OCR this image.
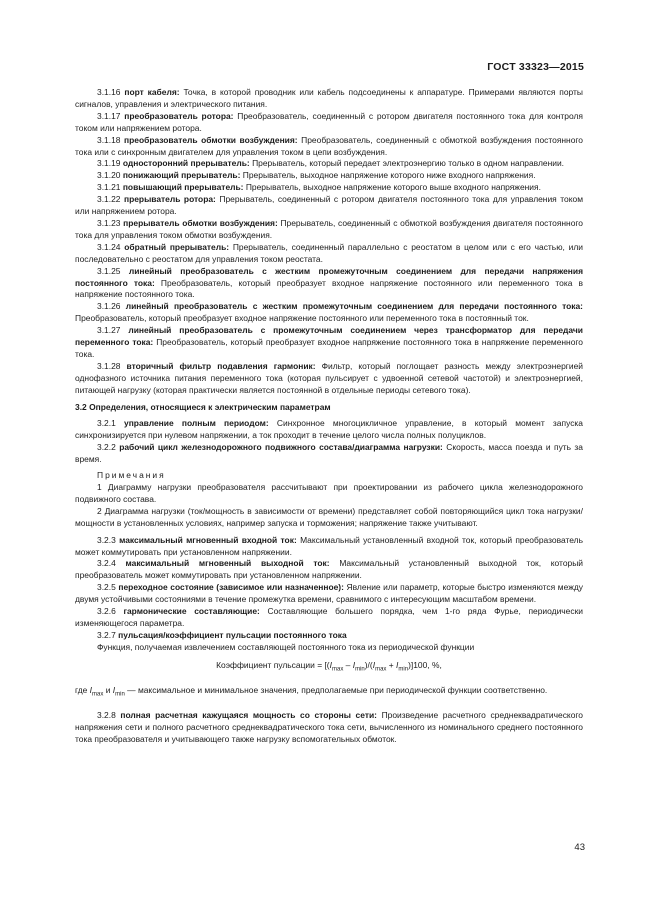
ГОСТ 33323—2015

3.1.16 порт кабеля: Точка, в которой проводник или кабель подсоединены к аппаратуре. Примерами являются порты сигналов, управления и электрического питания.

3.1.17 преобразователь ротора: Преобразователь, соединенный с ротором двигателя постоянного тока для контроля током или напряжением ротора.

3.1.18 преобразователь обмотки возбуждения: Преобразователь, соединенный с обмоткой возбуждения постоянного тока или с синхронным двигателем для управления током в цепи возбуждения.

3.1.19 односторонний прерыватель: Прерыватель, который передает электроэнергию только в одном направлении.

3.1.20 понижающий прерыватель: Прерыватель, выходное напряжение которого ниже входного напряжения.

3.1.21 повышающий прерыватель: Прерыватель, выходное напряжение которого выше входного напряжения.

3.1.22 прерыватель ротора: Прерыватель, соединенный с ротором двигателя постоянного тока для управления током или напряжением ротора.

3.1.23 прерыватель обмотки возбуждения: Прерыватель, соединенный с обмоткой возбуждения двигателя постоянного тока для управления током обмотки возбуждения.

3.1.24 обратный прерыватель: Прерыватель, соединенный параллельно с реостатом в целом или с его частью, или последовательно с реостатом для управления током реостата.

3.1.25 линейный преобразователь с жестким промежуточным соединением для передачи напряжения постоянного тока: Преобразователь, который преобразует входное напряжение постоянного или переменного тока в напряжение постоянного тока.

3.1.26 линейный преобразователь с жестким промежуточным соединением для передачи постоянного тока: Преобразователь, который преобразует входное напряжение постоянного или переменного тока в постоянный ток.

3.1.27 линейный преобразователь с промежуточным соединением через трансформатор для передачи переменного тока: Преобразователь, который преобразует входное напряжение постоянного тока в напряжение переменного тока.

3.1.28 вторичный фильтр подавления гармоник: Фильтр, который поглощает разность между электроэнергией однофазного источника питания переменного тока (которая пульсирует с удвоенной сетевой частотой) и электроэнергией, питающей нагрузку (которая практически является постоянной в отдельные периоды сетевого тока).

3.2 Определения, относящиеся к электрическим параметрам

3.2.1 управление полным периодом: Синхронное многоцикличное управление, в который момент запуска синхронизируется при нулевом напряжении, а ток проходит в течение целого числа полных полуциклов.

3.2.2 рабочий цикл железнодорожного подвижного состава/диаграмма нагрузки: Скорость, масса поезда и путь за время.

Примечания

1 Диаграмму нагрузки преобразователя рассчитывают при проектировании из рабочего цикла железнодорожного подвижного состава.

2 Диаграмма нагрузки (ток/мощность в зависимости от времени) представляет собой повторяющийся цикл тока нагрузки/мощности в установленных условиях, например запуска и торможения; напряжение также учитывают.

3.2.3 максимальный мгновенный входной ток: Максимальный установленный входной ток, который преобразователь может коммутировать при установленном напряжении.

3.2.4 максимальный мгновенный выходной ток: Максимальный установленный выходной ток, который преобразователь может коммутировать при установленном напряжении.

3.2.5 переходное состояние (зависимое или назначенное): Явление или параметр, которые быстро изменяются между двумя устойчивыми состояниями в течение промежутка времени, сравнимого с интересующим масштабом времени.

3.2.6 гармонические составляющие: Составляющие большего порядка, чем 1-го ряда Фурье, периодически изменяющегося параметра.

3.2.7 пульсация/коэффициент пульсации постоянного тока

Функция, получаемая извлечением составляющей постоянного тока из периодической функции

Коэффициент пульсации = $[(I_{max} - I_{min})/(I_{max} + I_{min})]100$, %,

где $I_{max}$ и $I_{min}$ — максимальное и минимальное значения, предполагаемые при периодической функции соответственно.

3.2.8 полная расчетная кажущаяся мощность со стороны сети: Произведение расчетного среднеквадратического напряжения сети и полного расчетного среднеквадратического тока сети, вычисленного из номинального среднего постоянного тока преобразователя и учитывающего также нагрузку вспомогательных обмоток.

43
